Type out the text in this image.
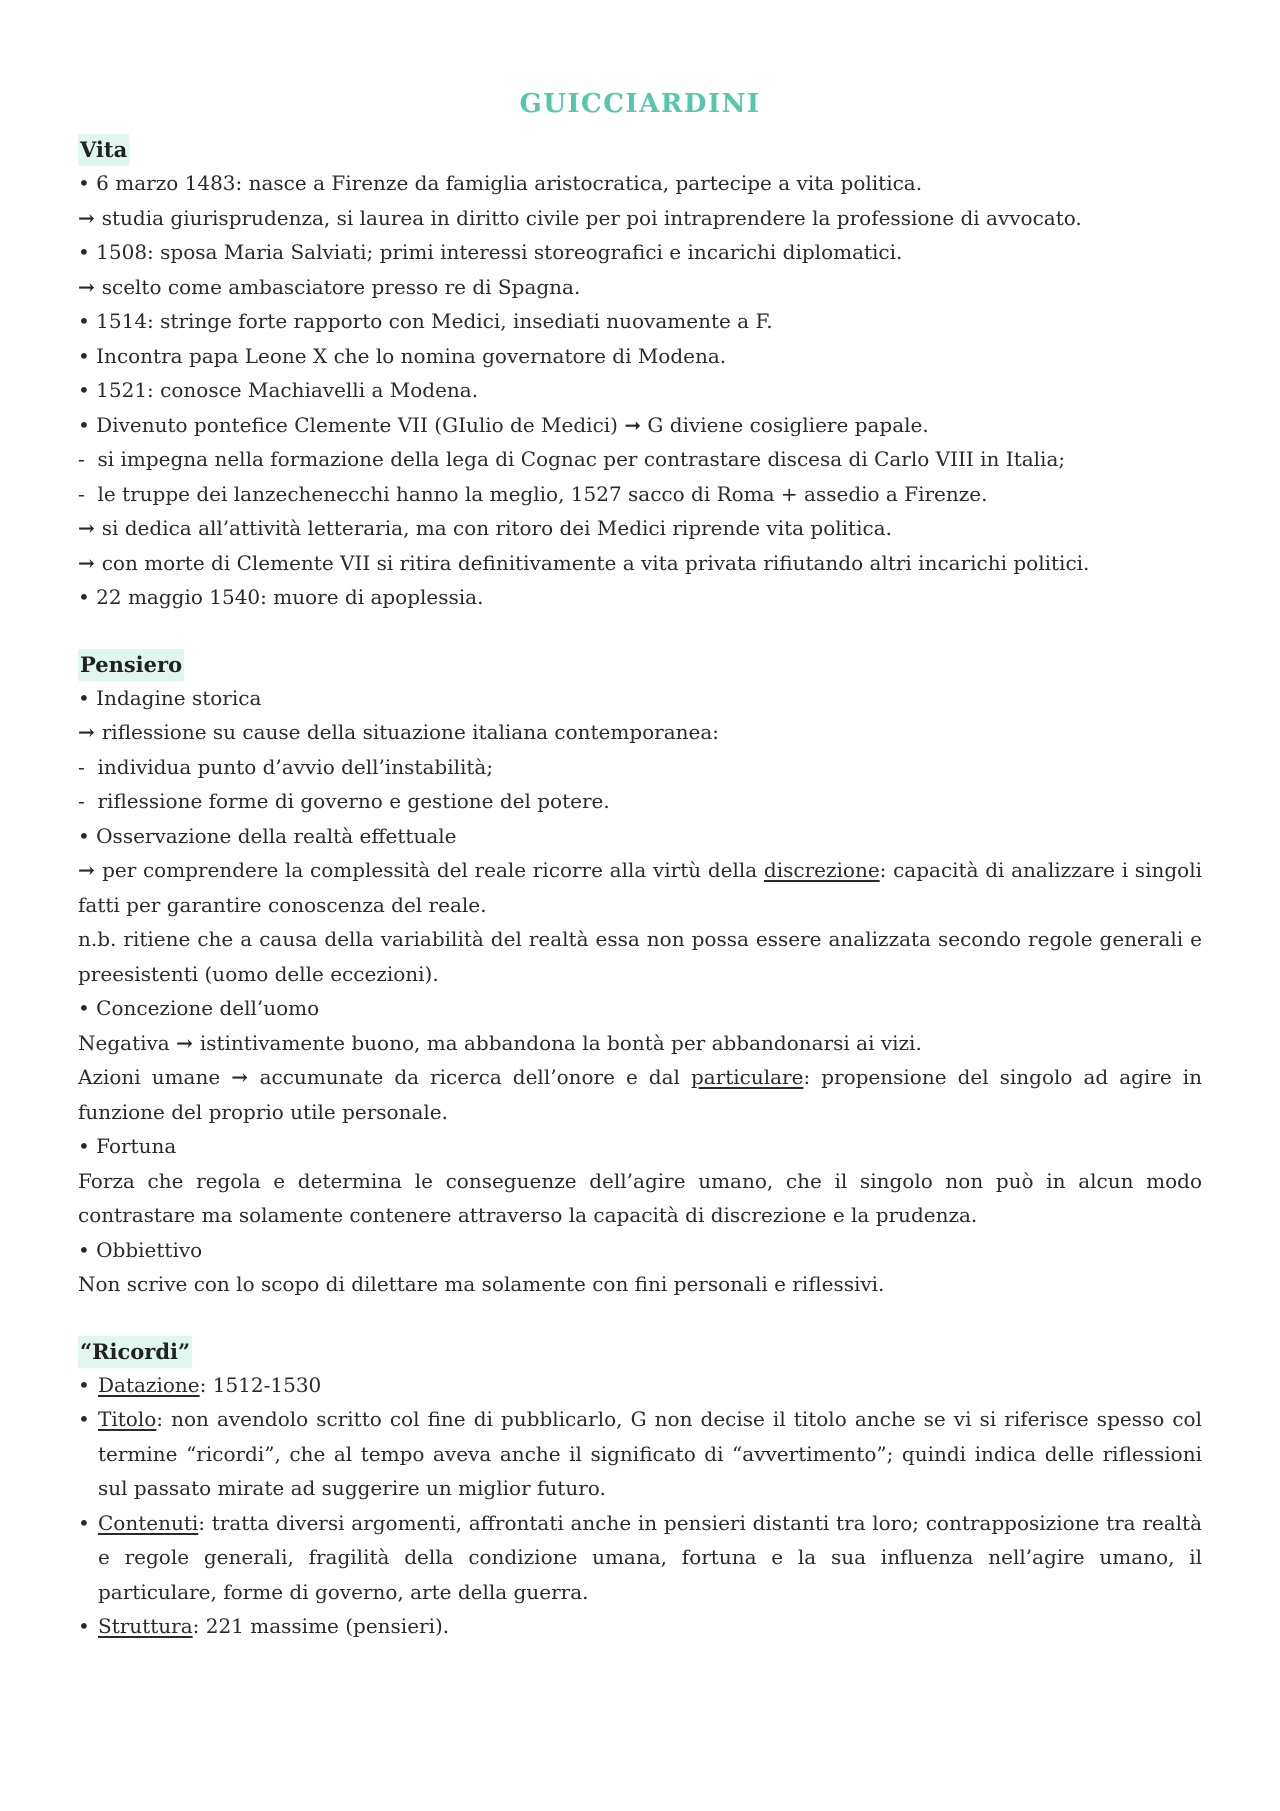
GUICCIARDINI
Vita

• 6 marzo 1483: nasce a Firenze da famiglia aristocratica, partecipe a vita politica.

→ studia giurisprudenza, si laurea in diritto civile per poi intraprendere la professione di avvocato.

• 1508: sposa Maria Salviati; primi interessi storeografici e incarichi diplomatici.

→ scelto come ambasciatore presso re di Spagna.

• 1514: stringe forte rapporto con Medici, insediati nuovamente a F.

• Incontra papa Leone X che lo nomina governatore di Modena.

• 1521: conosce Machiavelli a Modena.

• Divenuto pontefice Clemente VII (GIulio de Medici) ➞ G diviene cosigliere papale.

-  si impegna nella formazione della lega di Cognac per contrastare discesa di Carlo VIII in Italia;

-  le truppe dei lanzechenecchi hanno la meglio, 1527 sacco di Roma + assedio a Firenze.

→ si dedica all’attività letteraria, ma con ritoro dei Medici riprende vita politica.

→ con morte di Clemente VII si ritira definitivamente a vita privata rifiutando altri incarichi politici.

• 22 maggio 1540: muore di apoplessia.

Pensiero

• Indagine storica

→ riflessione su cause della situazione italiana contemporanea:

-  individua punto d’avvio dell’instabilità;

-  riflessione forme di governo e gestione del potere.

• Osservazione della realtà effettuale

→ per comprendere la complessità del reale ricorre alla virtù della discrezione: capacità di analizzare i singoli fatti per garantire conoscenza del reale.

n.b. ritiene che a causa della variabilità del realtà essa non possa essere analizzata secondo regole generali e preesistenti (uomo delle eccezioni).

• Concezione dell’uomo

Negativa → istintivamente buono, ma abbandona la bontà per abbandonarsi ai vizi.

Azioni umane → accumunate da ricerca dell’onore e dal particulare: propensione del singolo ad agire in funzione del proprio utile personale.

• Fortuna

Forza che regola e determina le conseguenze dell’agire umano, che il singolo non può in alcun modo contrastare ma solamente contenere attraverso la capacità di discrezione e la prudenza.

• Obbiettivo

Non scrive con lo scopo di dilettare ma solamente con fini personali e riflessivi.

“Ricordi”
• Datazione: 1512-1530
• Titolo: non avendolo scritto col fine di pubblicarlo, G non decise il titolo anche se vi si riferisce spesso col termine “ricordi”, che al tempo aveva anche il significato di “avvertimento”; quindi indica delle riflessioni sul passato mirate ad suggerire un miglior futuro.
• Contenuti: tratta diversi argomenti, affrontati anche in pensieri distanti tra loro; contrapposizione tra realtà e regole generali, fragilità della condizione umana, fortuna e la sua influenza nell’agire umano, il particulare, forme di governo, arte della guerra.
• Struttura: 221 massime (pensieri).
